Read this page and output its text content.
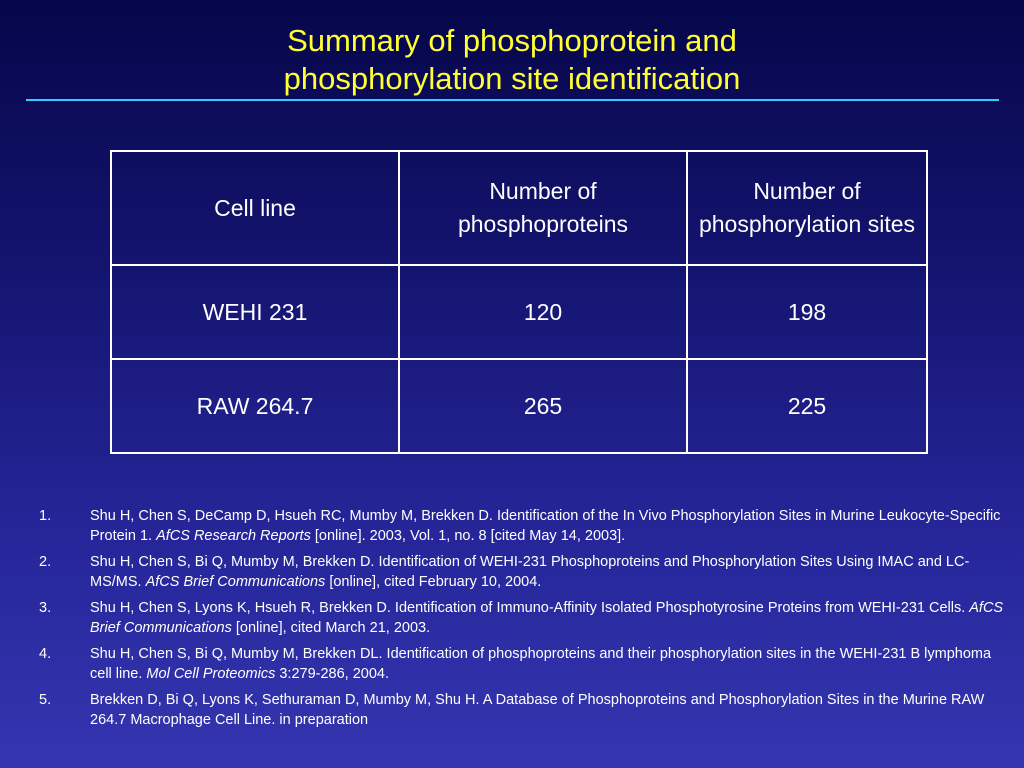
Summary of phosphoprotein and
phosphorylation site identification
Cell line	Number of phosphoproteins	Number of phosphorylation sites
WEHI 231	120	198
RAW 264.7	265	225
1.	Shu H, Chen S, DeCamp D, Hsueh RC, Mumby M, Brekken D. Identification of the In Vivo Phosphorylation Sites in Murine Leukocyte-Specific Protein 1. AfCS Research Reports [online]. 2003, Vol. 1, no. 8 [cited May 14, 2003].
2.	Shu H, Chen S, Bi Q, Mumby M, Brekken D. Identification of WEHI-231 Phosphoproteins and Phosphorylation Sites Using IMAC and LC-MS/MS. AfCS Brief Communications [online], cited February 10, 2004.
3.	Shu H, Chen S, Lyons K, Hsueh R, Brekken D. Identification of Immuno-Affinity Isolated Phosphotyrosine Proteins from WEHI-231 Cells. AfCS Brief Communications [online], cited March 21, 2003.
4.	Shu H, Chen S, Bi Q, Mumby M, Brekken DL. Identification of phosphoproteins and their phosphorylation sites in the WEHI-231 B lymphoma cell line. Mol Cell Proteomics 3:279-286, 2004.
5.	Brekken D, Bi Q, Lyons K, Sethuraman D, Mumby M, Shu H. A Database of Phosphoproteins and Phosphorylation Sites in the Murine RAW 264.7 Macrophage Cell Line. in preparation
